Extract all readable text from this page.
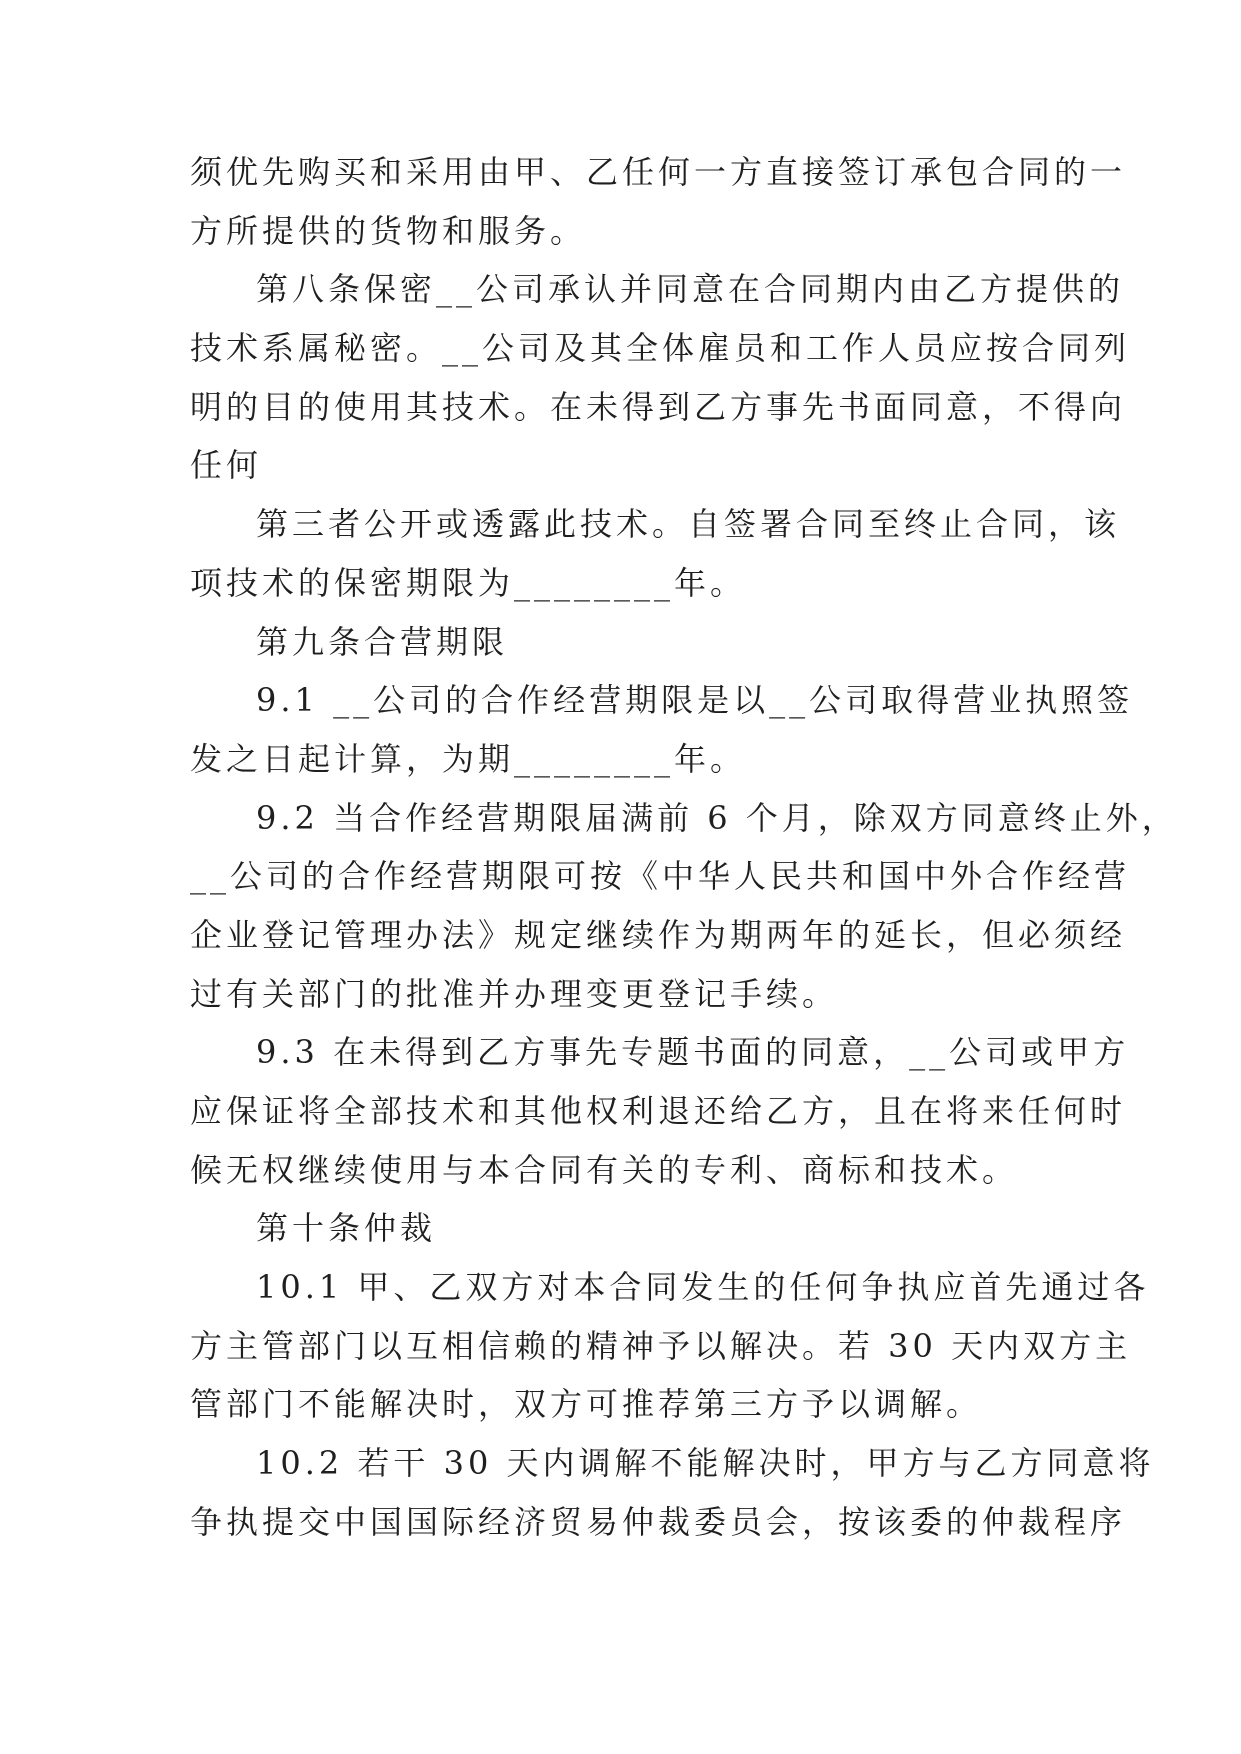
须优先购买和采用由甲、乙任何一方直接签订承包合同的一
方所提供的货物和服务。
第八条保密__公司承认并同意在合同期内由乙方提供的
技术系属秘密。__公司及其全体雇员和工作人员应按合同列
明的目的使用其技术。在未得到乙方事先书面同意，不得向
任何
第三者公开或透露此技术。自签署合同至终止合同，该
项技术的保密期限为________年。
第九条合营期限
9.1 __公司的合作经营期限是以__公司取得营业执照签
发之日起计算，为期________年。
9.2 当合作经营期限届满前 6 个月，除双方同意终止外，
__公司的合作经营期限可按《中华人民共和国中外合作经营
企业登记管理办法》规定继续作为期两年的延长，但必须经
过有关部门的批准并办理变更登记手续。
9.3 在未得到乙方事先专题书面的同意，__公司或甲方
应保证将全部技术和其他权利退还给乙方，且在将来任何时
候无权继续使用与本合同有关的专利、商标和技术。
第十条仲裁
10.1 甲、乙双方对本合同发生的任何争执应首先通过各
方主管部门以互相信赖的精神予以解决。若 30 天内双方主
管部门不能解决时，双方可推荐第三方予以调解。
10.2 若干 30 天内调解不能解决时，甲方与乙方同意将
争执提交中国国际经济贸易仲裁委员会，按该委的仲裁程序
